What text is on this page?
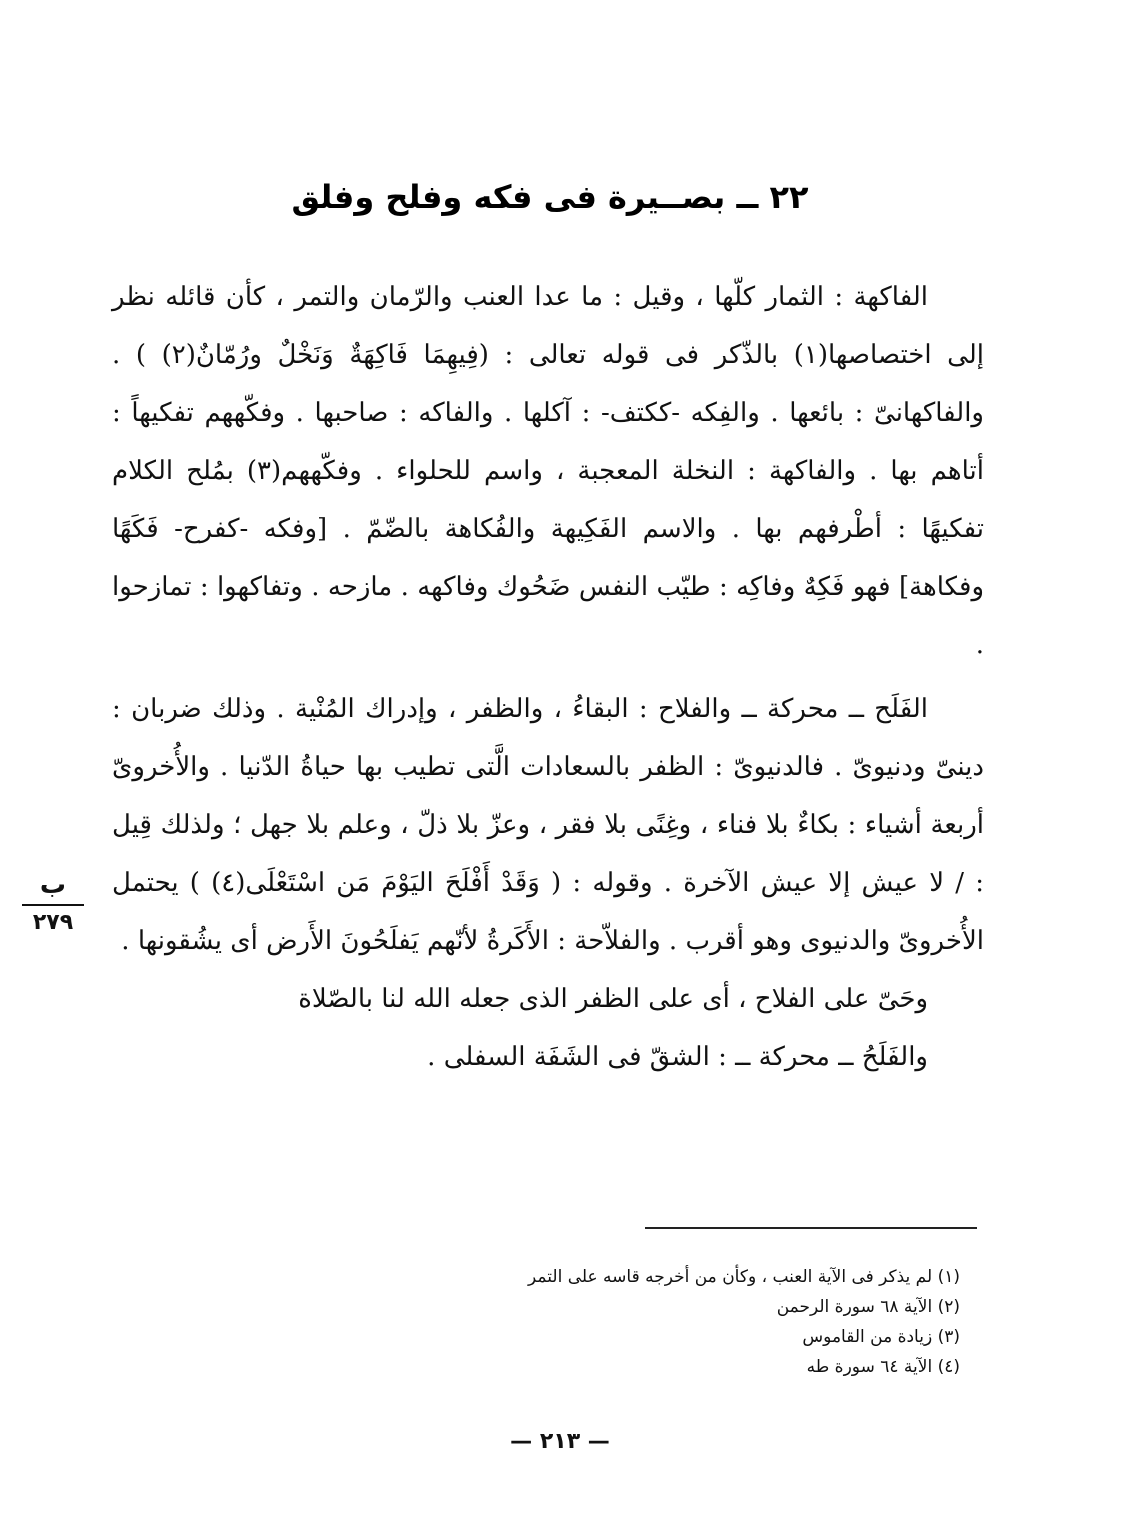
٢٢ ــ بصــيرة فى فكه وفلح وفلق

الفاكهة : الثمار كلّها ، وقيل : ما عدا العنب والرّمان والتمر ، كأن قائله نظر إلى اختصاصها(١) بالذّكر فى قوله تعالى : (فِيهِمَا فَاكِهَةٌ وَنَخْلٌ ورُمّانٌ(٢) ) . والفاكهانىّ : بائعها . والفِكه -ككتف- : آكلها . والفاكه : صاحبها . وفكّههم تفكيهاً : أتاهم بها . والفاكهة : النخلة المعجبة ، واسم للحلواء . وفكّههم(٣) بمُلح الكلام تفكيهًا : أطْرفهم بها . والاسم الفَكِيهة والفُكاهة بالضّمّ . [وفكه -كفرح- فَكَهًا وفكاهة] فهو فَكِهٌ وفاكِه : طيّب النفس ضَحُوك وفاكهه . مازحه . وتفاكهوا : تمازحوا .

الفَلَح ــ محركة ــ والفلاح : البقاءُ ، والظفر ، وإدراك المُنْية . وذلك ضربان : دينىّ ودنيوىّ . فالدنيوىّ : الظفر بالسعادات الَّتى تطيب بها حياةُ الدّنيا . والأُخروىّ أربعة أشياء : بكاءٌ بلا فناء ، وغِنًى بلا فقر ، وعزّ بلا ذلّ ، وعلم بلا جهل ؛ ولذلك قِيل : / لا عيش إلا عيش الآخرة . وقوله : ( وَقَدْ أَفْلَحَ اليَوْمَ مَن اسْتَعْلَى(٤) ) يحتمل الأُخروىّ والدنيوى وهو أقرب . والفلاّحة : الأَكَرةُ لأنّهم يَفلَحُونَ الأَرض أى يشُقونها .

وحَىّ على الفلاح ، أى على الظفر الذى جعله الله لنا بالصّلاة

والفَلَحُ ــ محركة ــ : الشقّ فى الشَفَة السفلى .

ب
٢٧٩

(١) لم يذكر فى الآية العنب ، وكأن من أخرجه قاسه على التمر

(٢) الآية ٦٨ سورة الرحمن

(٣) زيادة من القاموس

(٤) الآية ٦٤ سورة طه

— ٢١٣ —
